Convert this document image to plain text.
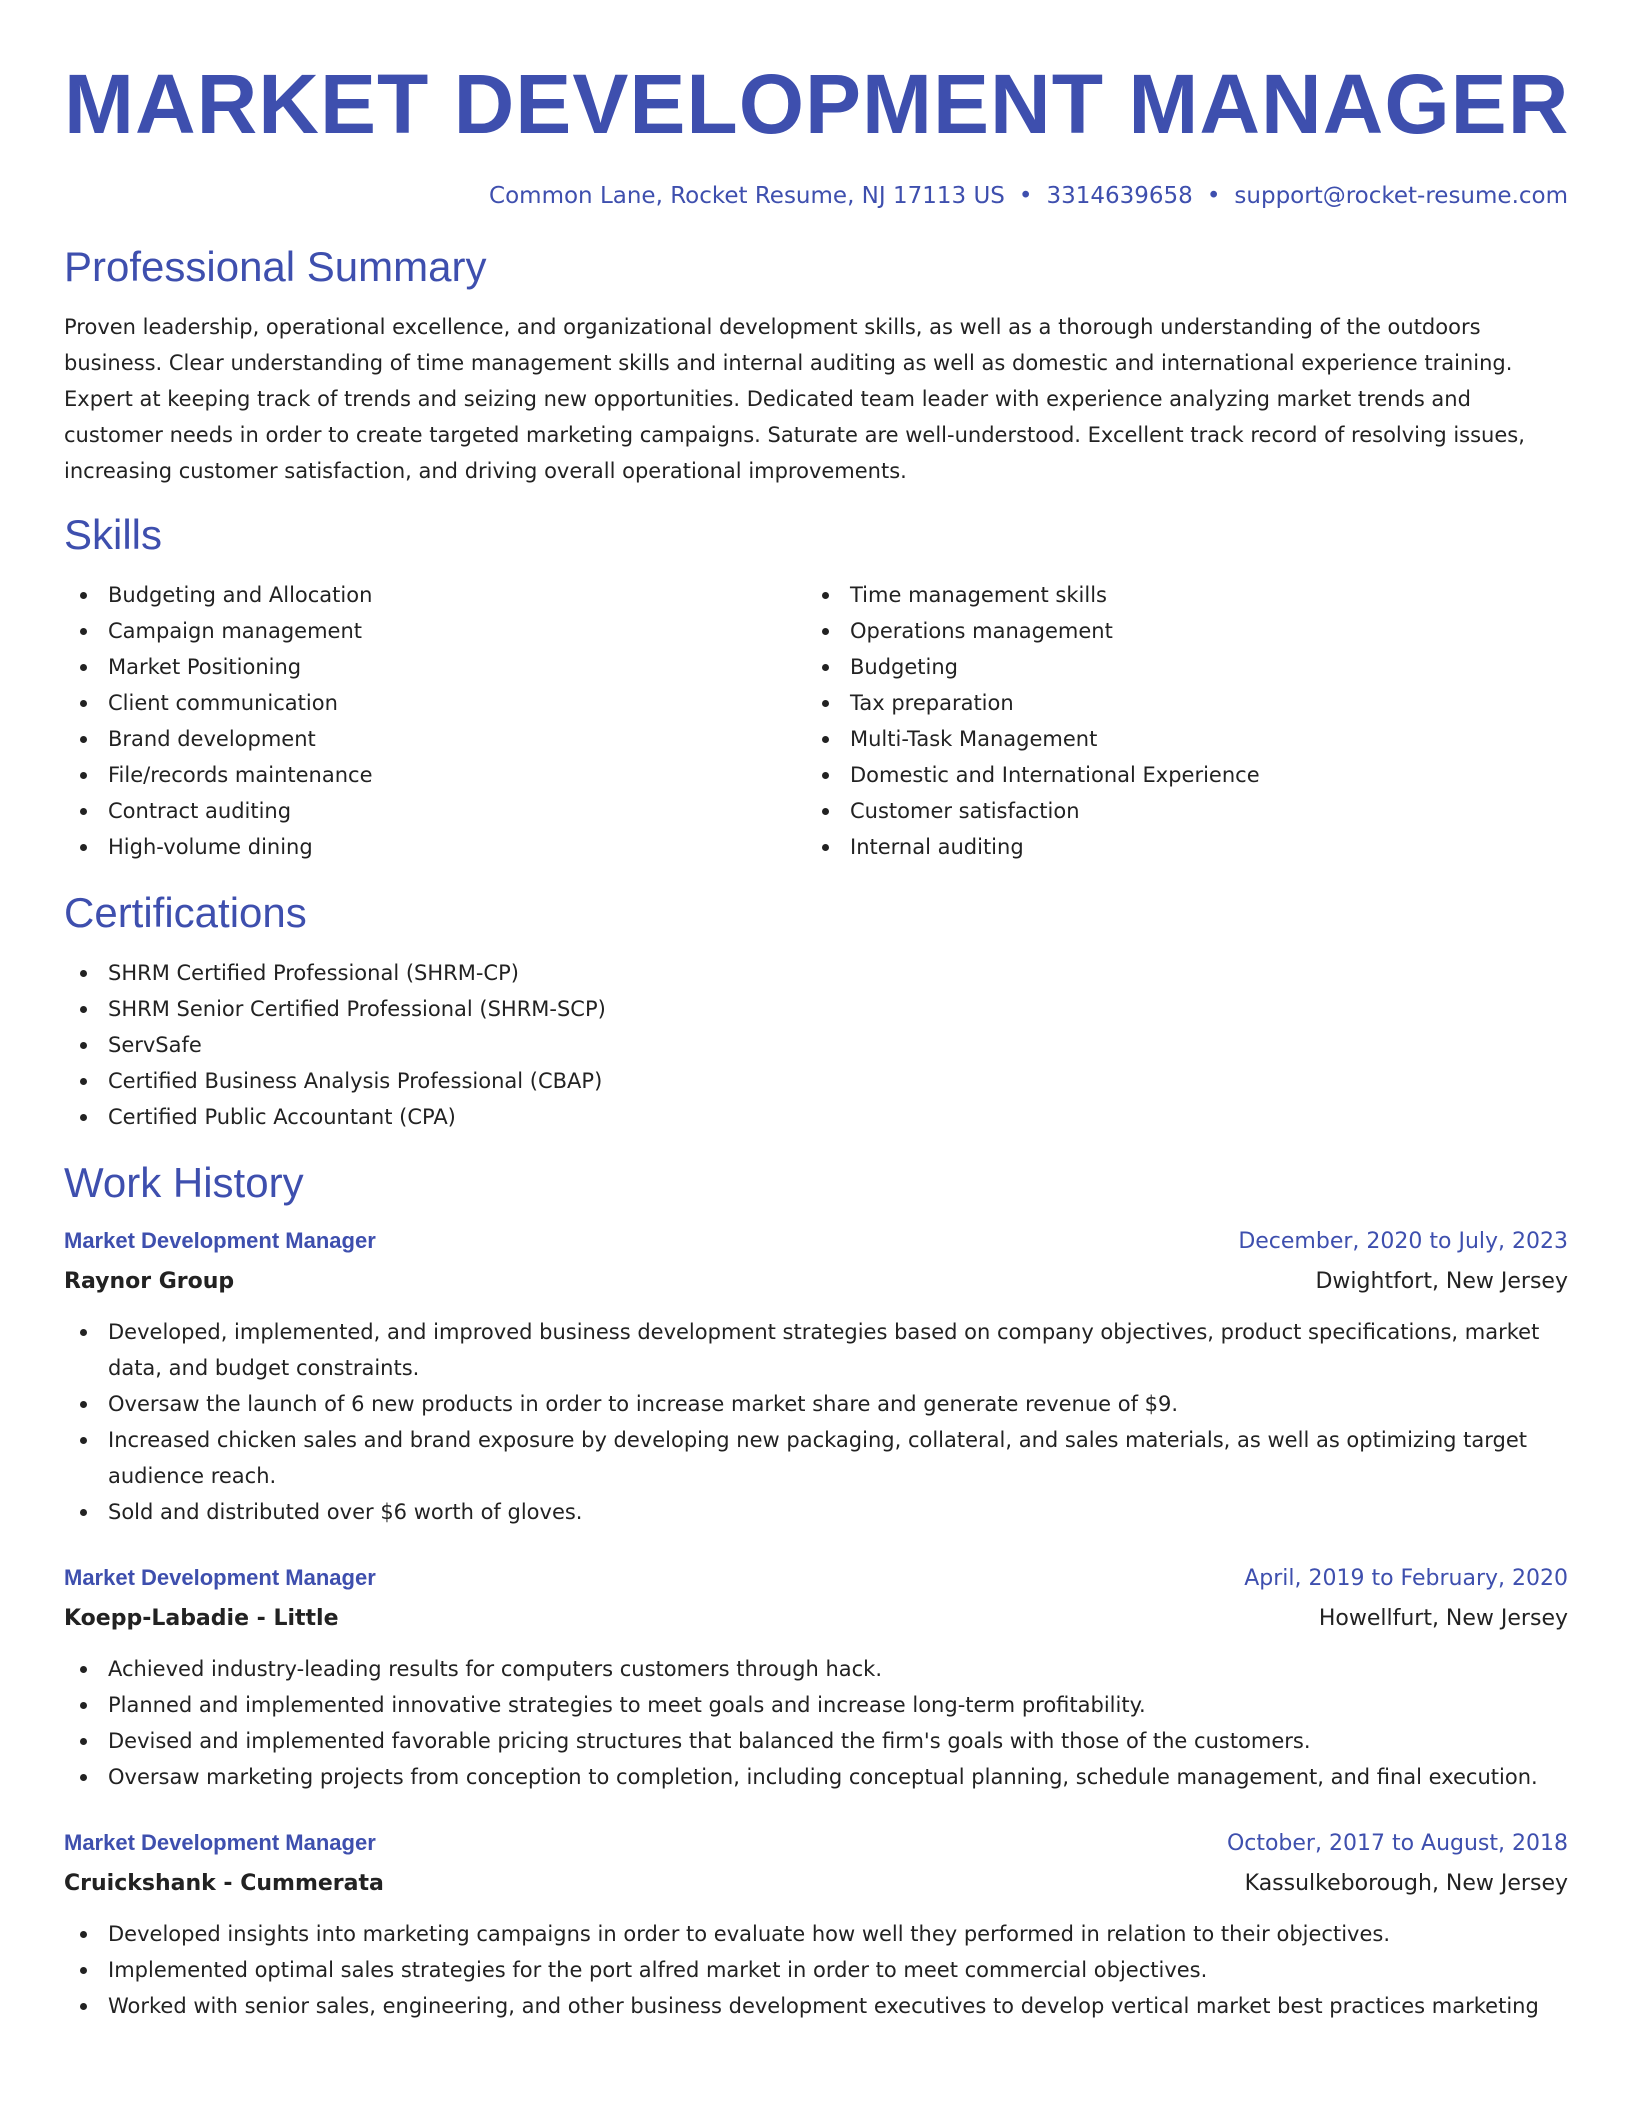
MARKET DEVELOPMENT MANAGER
Common Lane, Rocket Resume, NJ 17113 US • 3314639658 • support@rocket-resume.com
Professional Summary

Proven leadership, operational excellence, and organizational development skills, as well as a thorough understanding of the outdoors business. Clear understanding of time management skills and internal auditing as well as domestic and international experience training. Expert at keeping track of trends and seizing new opportunities. Dedicated team leader with experience analyzing market trends and customer needs in order to create targeted marketing campaigns. Saturate are well-understood. Excellent track record of resolving issues, increasing customer satisfaction, and driving overall operational improvements.

Skills
Budgeting and Allocation
Campaign management
Market Positioning
Client communication
Brand development
File/records maintenance
Contract auditing
High-volume dining
Time management skills
Operations management
Budgeting
Tax preparation
Multi-Task Management
Domestic and International Experience
Customer satisfaction
Internal auditing
Certifications
SHRM Certified Professional (SHRM-CP)
SHRM Senior Certified Professional (SHRM-SCP)
ServSafe
Certified Business Analysis Professional (CBAP)
Certified Public Accountant (CPA)
Work History
Market Development Manager	December, 2020 to July, 2023
Raynor Group	Dwightfort, New Jersey
Developed, implemented, and improved business development strategies based on company objectives, product specifications, market data, and budget constraints.
Oversaw the launch of 6 new products in order to increase market share and generate revenue of $9.
Increased chicken sales and brand exposure by developing new packaging, collateral, and sales materials, as well as optimizing target audience reach.
Sold and distributed over $6 worth of gloves.
Market Development Manager	April, 2019 to February, 2020
Koepp-Labadie - Little	Howellfurt, New Jersey
Achieved industry-leading results for computers customers through hack.
Planned and implemented innovative strategies to meet goals and increase long-term profitability.
Devised and implemented favorable pricing structures that balanced the firm's goals with those of the customers.
Oversaw marketing projects from conception to completion, including conceptual planning, schedule management, and final execution.
Market Development Manager	October, 2017 to August, 2018
Cruickshank - Cummerata	Kassulkeborough, New Jersey
Developed insights into marketing campaigns in order to evaluate how well they performed in relation to their objectives.
Implemented optimal sales strategies for the port alfred market in order to meet commercial objectives.
Worked with senior sales, engineering, and other business development executives to develop vertical market best practices marketing
